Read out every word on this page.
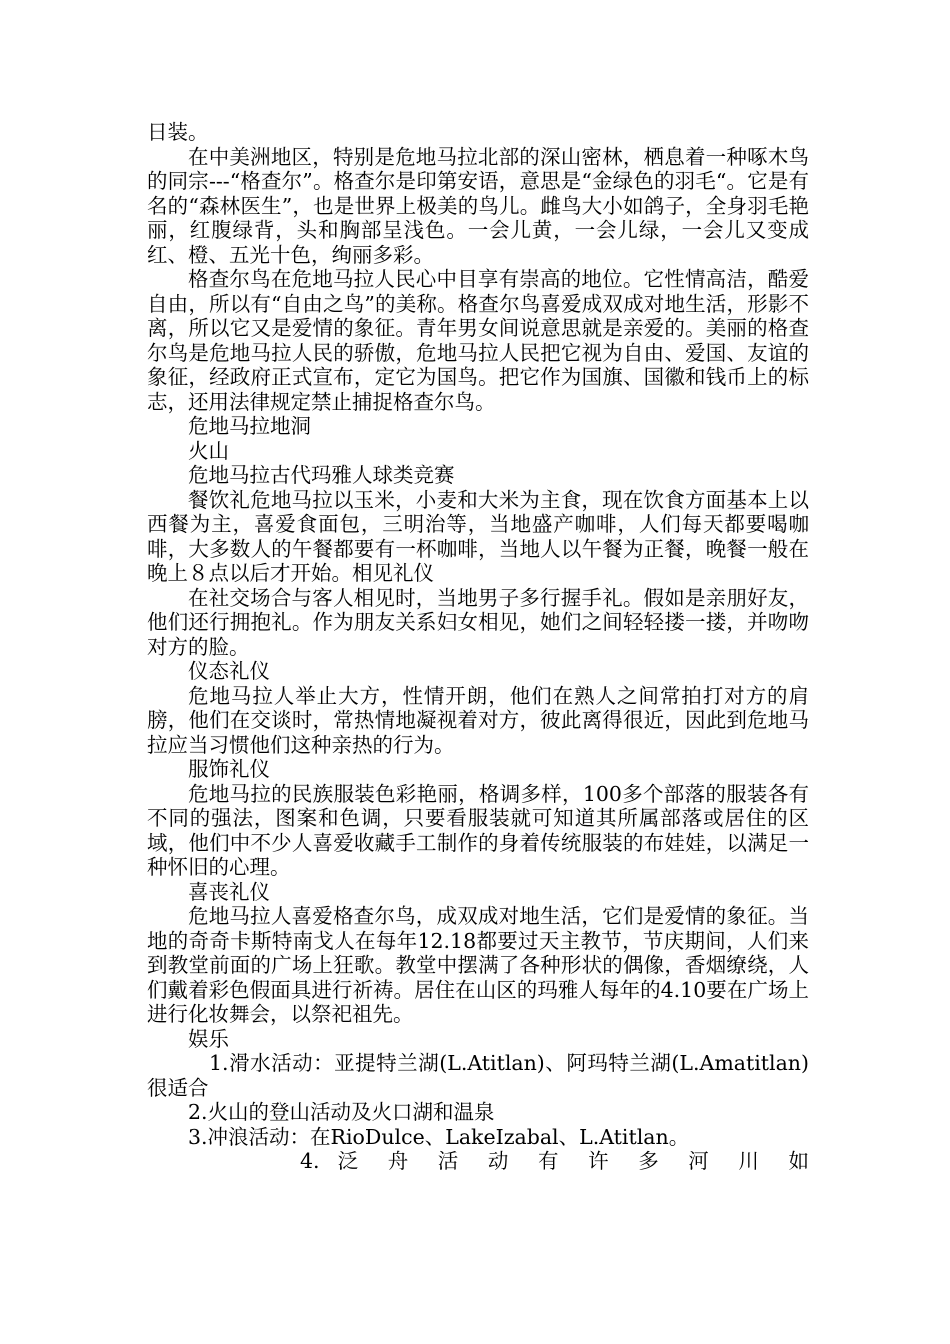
日装。

在中美洲地区，特别是危地马拉北部的深山密林，栖息着一种啄木鸟的同宗---“格查尔”。格查尔是印第安语，意思是“金绿色的羽毛“。它是有名的“森林医生”，也是世界上极美的鸟儿。雌鸟大小如鸽子，全身羽毛艳丽，红腹绿背，头和胸部呈浅色。一会儿黄，一会儿绿，一会儿又变成红、橙、五光十色，绚丽多彩。

格查尔鸟在危地马拉人民心中目享有崇高的地位。它性情高洁，酷爱自由，所以有“自由之鸟”的美称。格查尔鸟喜爱成双成对地生活，形影不离，所以它又是爱情的象征。青年男女间说意思就是亲爱的。美丽的格查尔鸟是危地马拉人民的骄傲，危地马拉人民把它视为自由、爱国、友谊的象征，经政府正式宣布，定它为国鸟。把它作为国旗、国徽和钱币上的标志，还用法律规定禁止捕捉格查尔鸟。

危地马拉地洞

火山

危地马拉古代玛雅人球类竞赛

餐饮礼危地马拉以玉米，小麦和大米为主食，现在饮食方面基本上以西餐为主，喜爱食面包，三明治等，当地盛产咖啡，人们每天都要喝咖啡，大多数人的午餐都要有一杯咖啡，当地人以午餐为正餐，晚餐一般在晚上８点以后才开始。相见礼仪

在社交场合与客人相见时，当地男子多行握手礼。假如是亲朋好友，他们还行拥抱礼。作为朋友关系妇女相见，她们之间轻轻搂一搂，并吻吻对方的脸。

仪态礼仪

危地马拉人举止大方，性情开朗，他们在熟人之间常拍打对方的肩膀，他们在交谈时，常热情地凝视着对方，彼此离得很近，因此到危地马拉应当习惯他们这种亲热的行为。

服饰礼仪

危地马拉的民族服装色彩艳丽，格调多样，100多个部落的服装各有不同的强法，图案和色调，只要看服装就可知道其所属部落或居住的区域，他们中不少人喜爱收藏手工制作的身着传统服装的布娃娃，以满足一种怀旧的心理。

喜丧礼仪

危地马拉人喜爱格查尔鸟，成双成对地生活，它们是爱情的象征。当地的奇奇卡斯特南戈人在每年12.18都要过天主教节，节庆期间，人们来到教堂前面的广场上狂歌。教堂中摆满了各种形状的偶像，香烟缭绕，人们戴着彩色假面具进行祈祷。居住在山区的玛雅人每年的4.10要在广场上进行化妆舞会，以祭祀祖先。

娱乐

1.滑水活动：亚提特兰湖(L.Atitlan)、阿玛特兰湖(L.Amatitlan)很适合

2.火山的登山活动及火口湖和温泉

3.冲浪活动：在RioDulce、LakeIzabal、L.Atitlan。

4. 泛 舟 活 动 有 许 多 河 川 如
